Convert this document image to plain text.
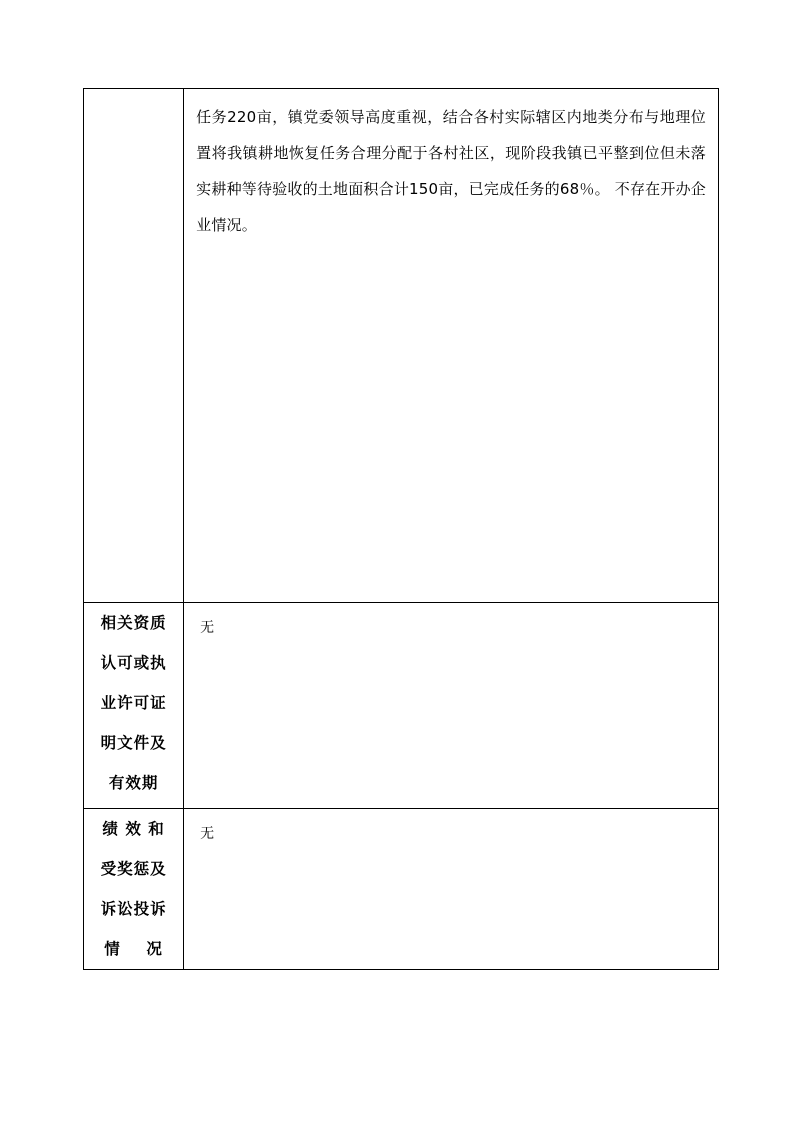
	任务220亩，镇党委领导高度重视，结合各村实际辖区内地类分布与地理位置将我镇耕地恢复任务合理分配于各村社区，现阶段我镇已平整到位但未落实耕种等待验收的土地面积合计150亩，已完成任务的68％。 不存在开办企业情况。

相关资质
认可或执
业许可证
明文件及
有效期	无

绩 效 和
受奖惩及
诉讼投诉
情    况	无
